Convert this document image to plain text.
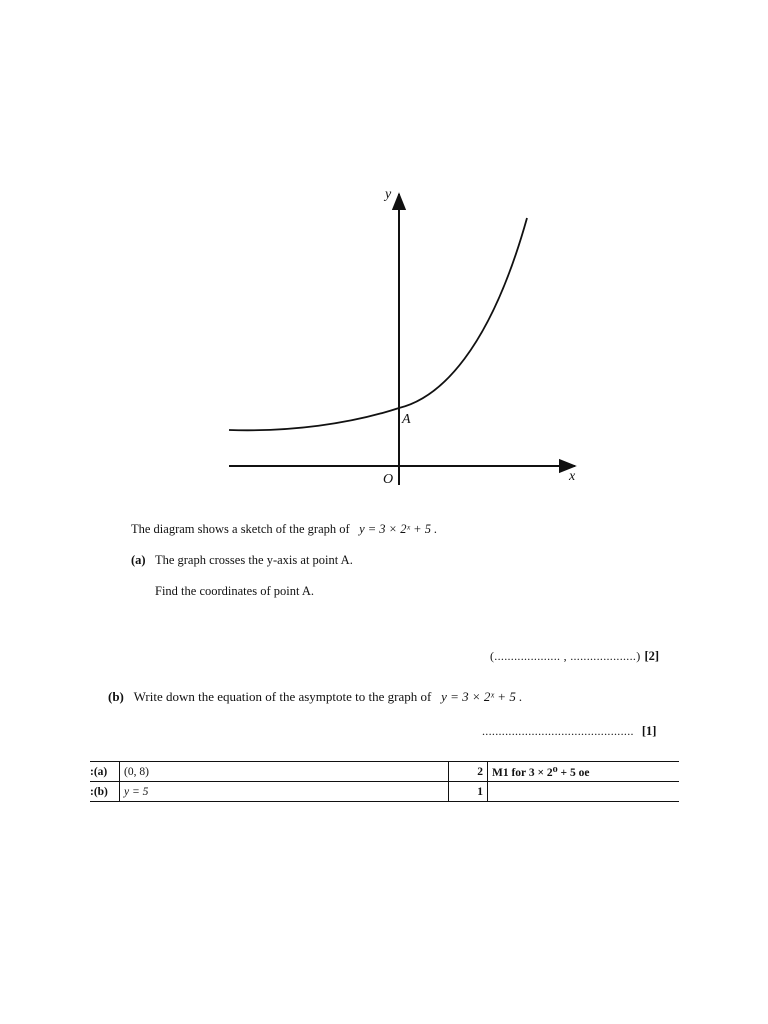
y
x
O
A
The diagram shows a sketch of the graph of y = 3 × 2ˣ + 5 .
(a) The graph crosses the y-axis at point A.
Find the coordinates of point A.
(.................... , ....................) [2]
(b) Write down the equation of the asymptote to the graph of y = 3 × 2ˣ + 5 .
.............................................. [1]
:(a)	(0, 8)	2	M1 for 3 × 2⁰ + 5 oe
:(b)	y = 5	1	
